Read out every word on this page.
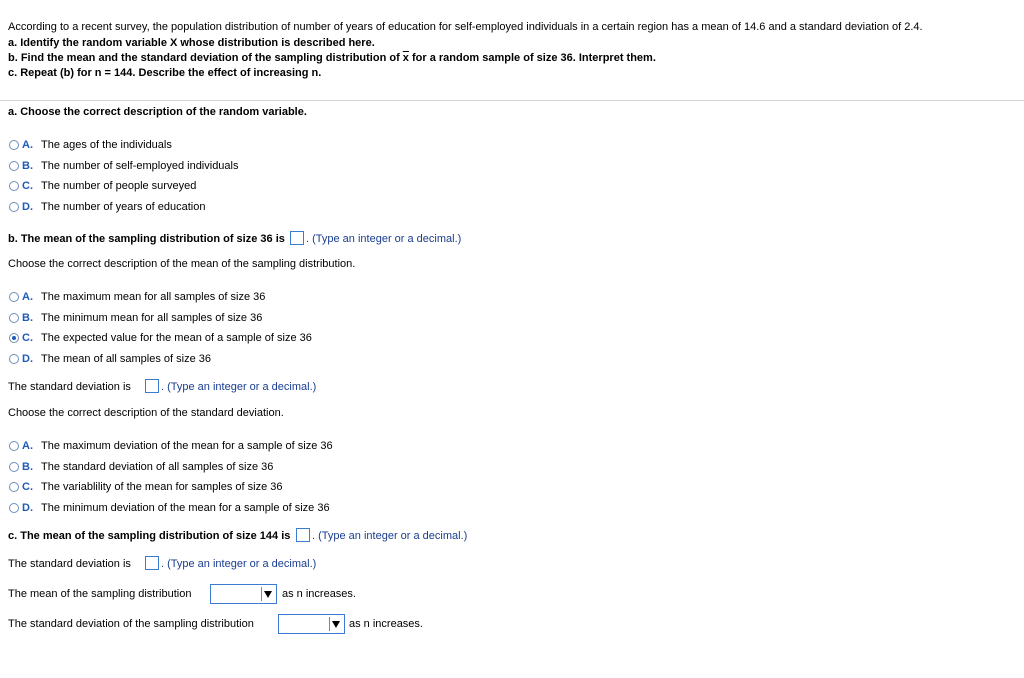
According to a recent survey, the population distribution of number of years of education for self-employed individuals in a certain region has a mean of 14.6 and a standard deviation of 2.4.
a. Identify the random variable X whose distribution is described here.
b. Find the mean and the standard deviation of the sampling distribution of $\overline{x}$ for a random sample of size 36. Interpret them.
c. Repeat (b) for n = 144. Describe the effect of increasing n.
a. Choose the correct description of the random variable.
A. The ages of the individuals
B. The number of self-employed individuals
C. The number of people surveyed
D. The number of years of education
b. The mean of the sampling distribution of size 36 is . (Type an integer or a decimal.)
Choose the correct description of the mean of the sampling distribution.
A. The maximum mean for all samples of size 36
B. The minimum mean for all samples of size 36
C. The expected value for the mean of a sample of size 36
D. The mean of all samples of size 36
The standard deviation is	. (Type an integer or a decimal.)
Choose the correct description of the standard deviation.
A. The maximum deviation of the mean for a sample of size 36
B. The standard deviation of all samples of size 36
C. The variablility of the mean for samples of size 36
D. The minimum deviation of the mean for a sample of size 36
c. The mean of the sampling distribution of size 144 is . (Type an integer or a decimal.)
The standard deviation is	. (Type an integer or a decimal.)
The mean of the sampling distribution	as n increases.
The standard deviation of the sampling distribution	as n increases.
